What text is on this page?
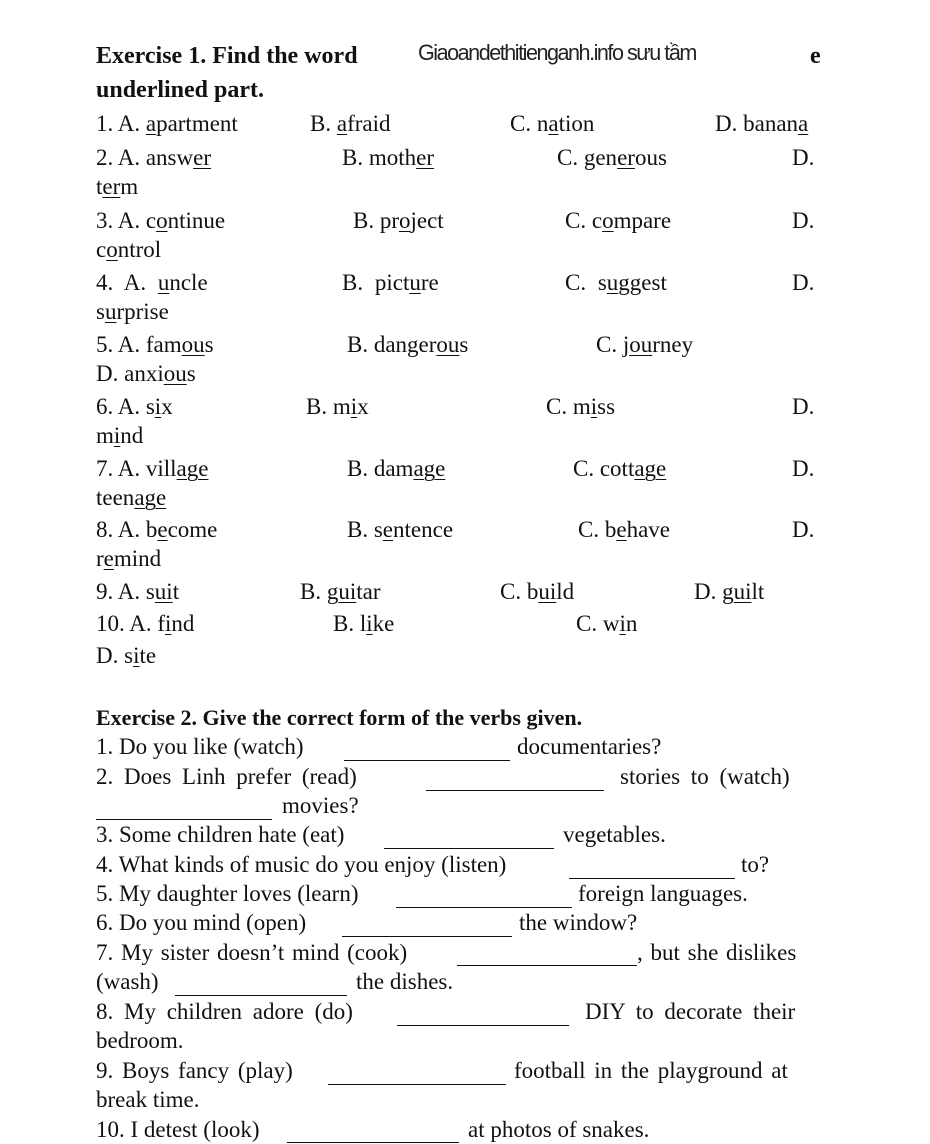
Exercise 1. Find the word	Giaoandethitienganh.info sưu tầm	e
underlined part.
1. A. apartment	B. afraid	C. nation	D. banana
2. A. answer	B. mother	C. generous	D.
term
3. A. continue	B. project	C. compare	D.
control
4. A. uncle	B. picture	C. suggest	D.
surprise
5. A. famous	B. dangerous	C. journey
D. anxious
6. A. six	B. mix	C. miss	D.
mind
7. A. village	B. damage	C. cottage	D.
teenage
8. A. become	B. sentence	C. behave	D.
remind
9. A. suit	B. guitar	C. build	D. guilt
10. A. find	B. like	C. win
D. site
Exercise 2. Give the correct form of the verbs given.
1. Do you like (watch)	documentaries?
2. Does Linh prefer (read)	stories to (watch)
movies?
3. Some children hate (eat)	vegetables.
4. What kinds of music do you enjoy (listen)	to?
5. My daughter loves (learn)	foreign languages.
6. Do you mind (open)	the window?
7. My sister doesn’t mind (cook)	, but she dislikes
(wash)	the dishes.
8. My children adore (do)	DIY to decorate their
bedroom.
9. Boys fancy (play)	football in the playground at
break time.
10. I detest (look)	at photos of snakes.
